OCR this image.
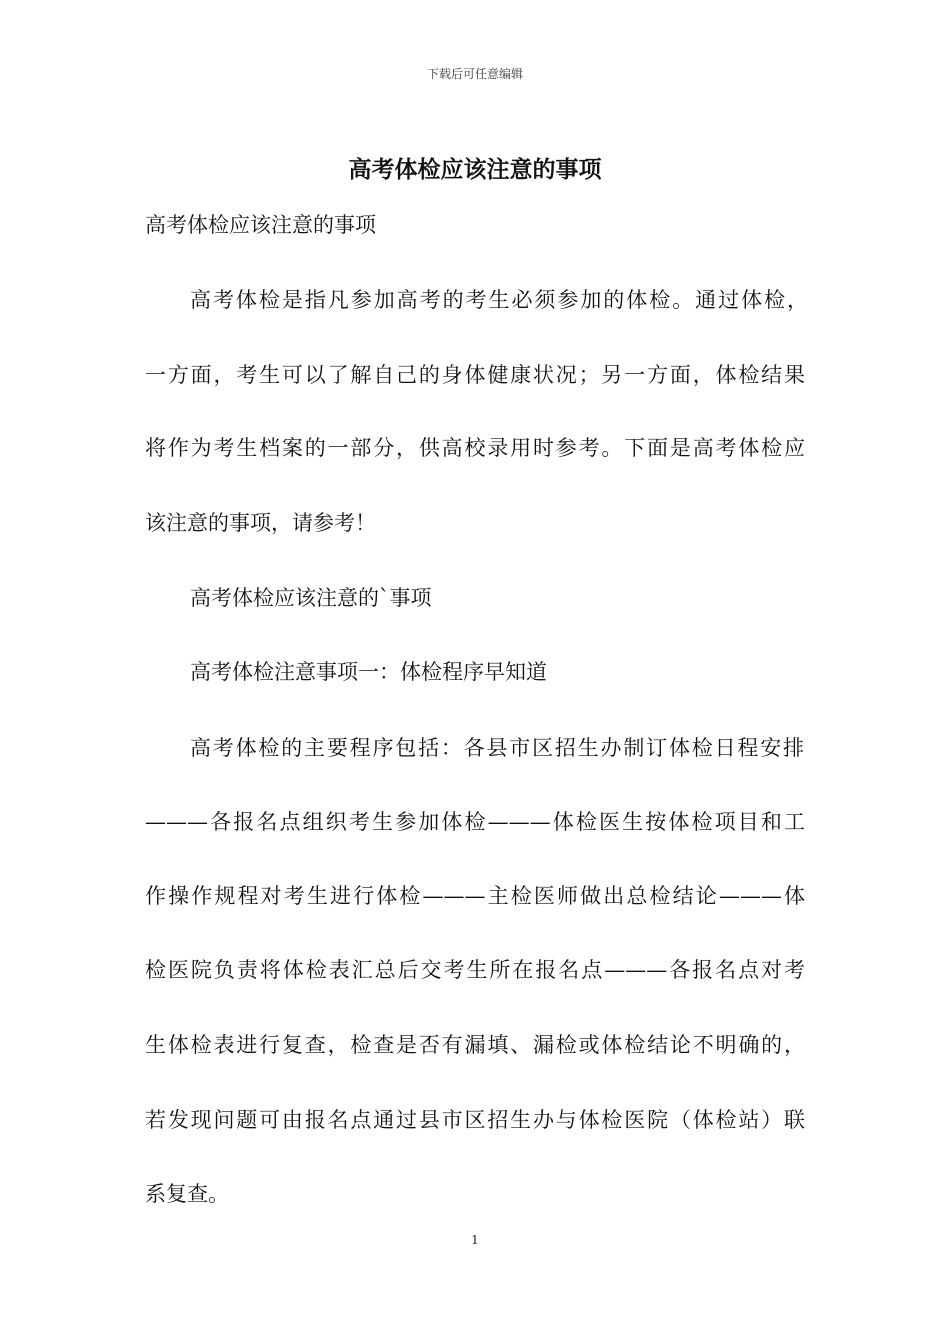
下载后可任意编辑
高考体检应该注意的事项

高考体检应该注意的事项

高考体检是指凡参加高考的考生必须参加的体检。通过体检，

一方面，考生可以了解自己的身体健康状况；另一方面，体检结果

将作为考生档案的一部分，供高校录用时参考。下面是高考体检应

该注意的事项，请参考！

高考体检应该注意的`事项

高考体检注意事项一：体检程序早知道

高考体检的主要程序包括：各县市区招生办制订体检日程安排

———各报名点组织考生参加体检———体检医生按体检项目和工

作操作规程对考生进行体检———主检医师做出总检结论———体

检医院负责将体检表汇总后交考生所在报名点———各报名点对考

生体检表进行复查，检查是否有漏填、漏检或体检结论不明确的，

若发现问题可由报名点通过县市区招生办与体检医院（体检站）联

系复查。

1
